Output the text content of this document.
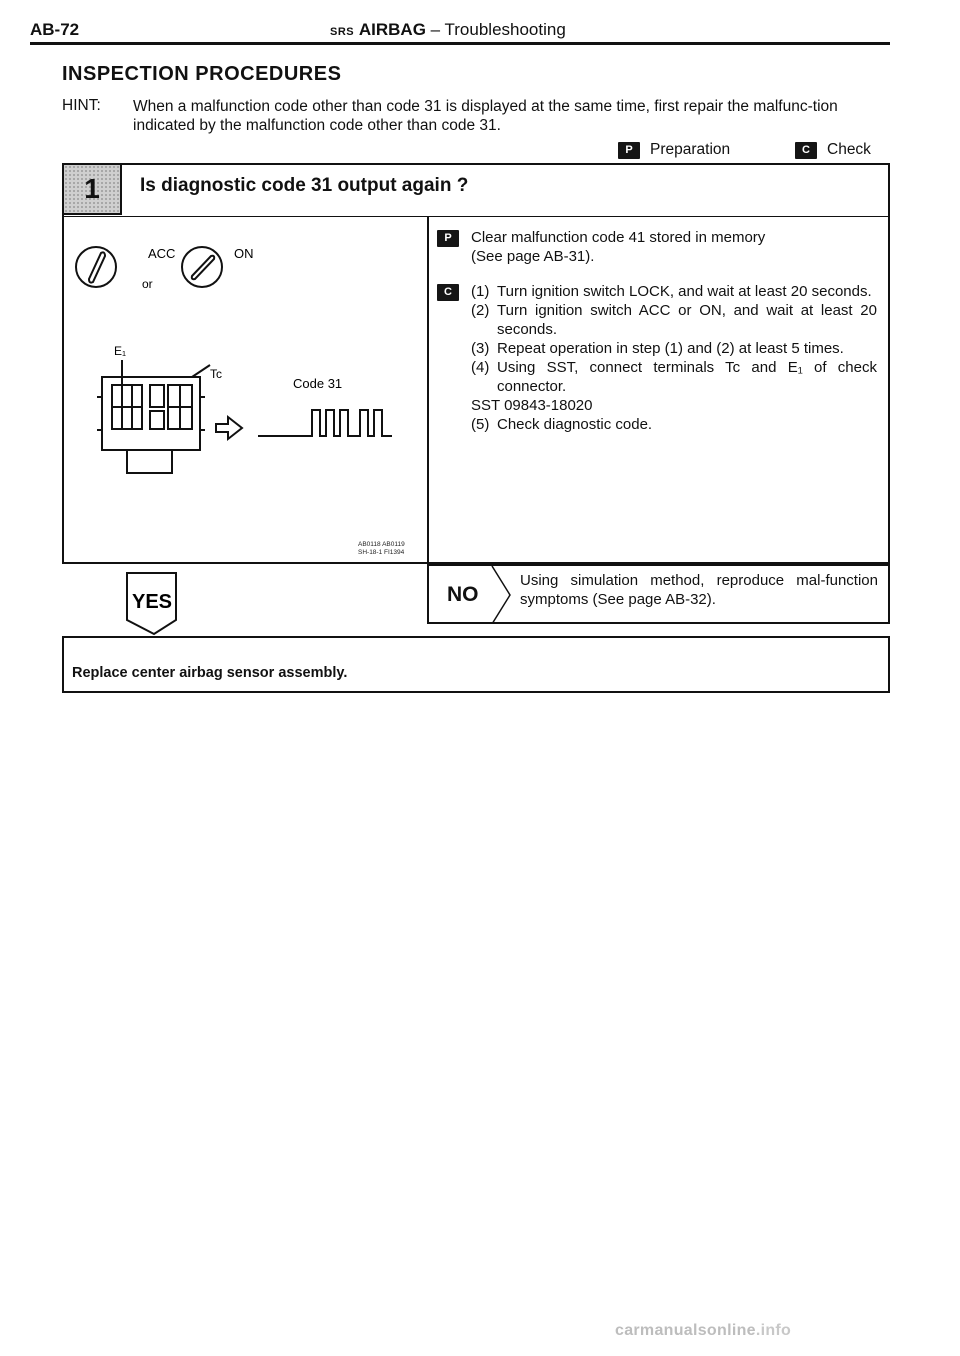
AB-72	SRS AIRBAG – Troubleshooting
INSPECTION PROCEDURES
HINT: When a malfunction code other than code 31 is displayed at the same time, first repair the malfunc-tion indicated by the malfunction code other than code 31.
P	Preparation	C	Check
1	Is diagnostic code 31 output again ?
ACC	ON
or
E₁
Tc
Code 31
AB0118 AB0119
SH-18-1 FI1394
P	Clear malfunction code 41 stored in memory
(See page AB-31).
C	(1) Turn ignition switch LOCK, and wait at least 20 seconds.
(2) Turn ignition switch ACC or ON, and wait at least 20 seconds.
(3) Repeat operation in step (1) and (2) at least 5 times.
(4) Using SST, connect terminals Tc and E₁ of check connector.
SST 09843-18020
(5) Check diagnostic code.
YES	NO
Using simulation method, reproduce mal-function symptoms (See page AB-32).
Replace center airbag sensor assembly.
carmanualsonline.info
